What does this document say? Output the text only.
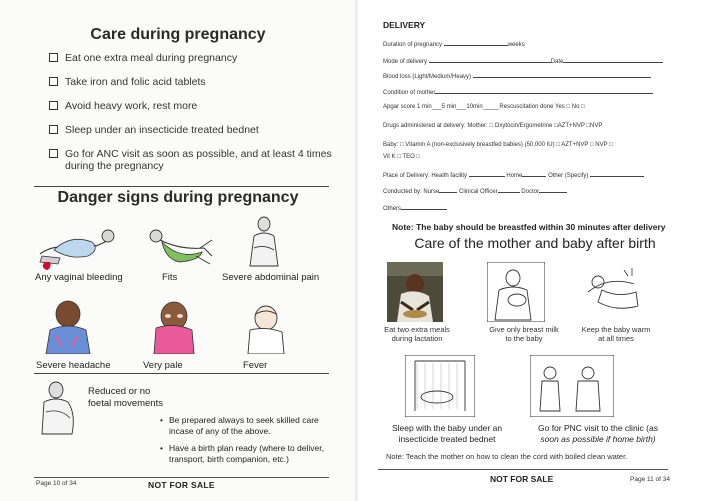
Care during pregnancy
Eat one extra meal during pregnancy
Take iron and folic acid tablets
Avoid heavy work, rest more
Sleep under an insecticide treated bednet
Go for ANC visit as soon as possible, and at least 4 times during the pregnancy
Danger signs during pregnancy
Any vaginal bleeding	Fits	Severe abdominal pain
Severe headache	Very pale	Fever
Reduced or no
foetal movements
• Be prepared always to seek skilled care incase of any of the above.
• Have a birth plan ready (where to deliver, transport, birth companion, etc.)
Page 10 of 34	NOT FOR SALE
DELIVERY
Duration of pregnancy	weeks
Mode of delivery	Date
Blood loss (Light/Medium/Heavy)
Condition of mother
Apgar score 1 min___5 min___10min_____Rescuscitation done Yes □ No □
Drugs administered at delivery: Mother: □ Oxytocin/Ergometrine □AZT+NVP □NVP
Baby: □ Vitamin A (non-exclusively breastfed babies) (50,000 IU) □ AZT+NVP □ NVP □
Vit K □ TEO □
Place of Delivery: Health facility	Home	Other (Specify)
Conducted by: Nurse	Clinical Officer	Doctor
Others
Note: The baby should be breastfed within 30 minutes after delivery
Care of the mother and baby after birth
Eat two extra meals
during lactation
Give only breast milk
to the baby
Keep the baby warm
at all times
Sleep with the baby under an
insecticide treated bednet
Go for PNC visit to the clinic (as
soon as possible if home birth)
Note: Teach the mother on how to clean the cord with boiled clean water.
NOT FOR SALE	Page 11 of 34
